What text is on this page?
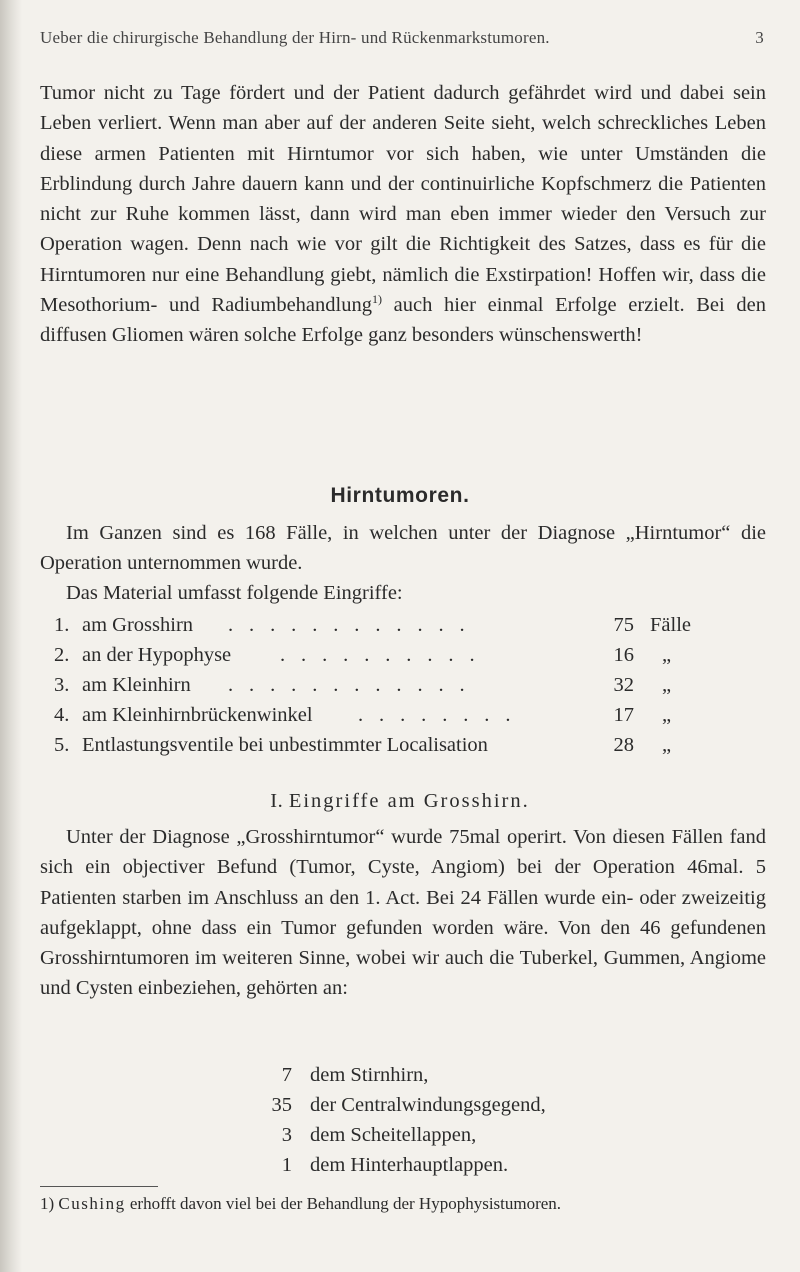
Ueber die chirurgische Behandlung der Hirn- und Rückenmarkstumoren.	3

Tumor nicht zu Tage fördert und der Patient dadurch gefährdet wird und dabei sein Leben verliert. Wenn man aber auf der anderen Seite sieht, welch schreckliches Leben diese armen Patienten mit Hirntumor vor sich haben, wie unter Umständen die Erblindung durch Jahre dauern kann und der continuirliche Kopfschmerz die Patienten nicht zur Ruhe kommen lässt, dann wird man eben immer wieder den Versuch zur Operation wagen. Denn nach wie vor gilt die Richtigkeit des Satzes, dass es für die Hirntumoren nur eine Behandlung giebt, nämlich die Exstirpation! Hoffen wir, dass die Mesothorium- und Radiumbehandlung$^{1)}$ auch hier einmal Erfolge erzielt. Bei den diffusen Gliomen wären solche Erfolge ganz besonders wünschenswerth!

Hirntumoren.

Im Ganzen sind es 168 Fälle, in welchen unter der Diagnose „Hirntumor“ die Operation unternommen wurde.

Das Material umfasst folgende Eingriffe:

1. am Grosshirn . . . . . . . . . . . .	75 Fälle
2. an der Hypophyse . . . . . . . . . .	16 „
3. am Kleinhirn . . . . . . . . . . . .	32 „
4. am Kleinhirnbrückenwinkel . . . . . . . .	17 „
5. Entlastungsventile bei unbestimmter Localisation	28 „
I. Eingriffe am Grosshirn.

Unter der Diagnose „Grosshirntumor“ wurde 75mal operirt. Von diesen Fällen fand sich ein objectiver Befund (Tumor, Cyste, Angiom) bei der Operation 46mal. 5 Patienten starben im Anschluss an den 1. Act. Bei 24 Fällen wurde ein- oder zweizeitig aufgeklappt, ohne dass ein Tumor gefunden worden wäre. Von den 46 gefundenen Grosshirntumoren im weiteren Sinne, wobei wir auch die Tuberkel, Gummen, Angiome und Cysten einbeziehen, gehörten an:

7 dem Stirnhirn,
35 der Centralwindungsgegend,
3 dem Scheitellappen,
1 dem Hinterhauptlappen.
1) Cushing erhofft davon viel bei der Behandlung der Hypophysistumoren.
